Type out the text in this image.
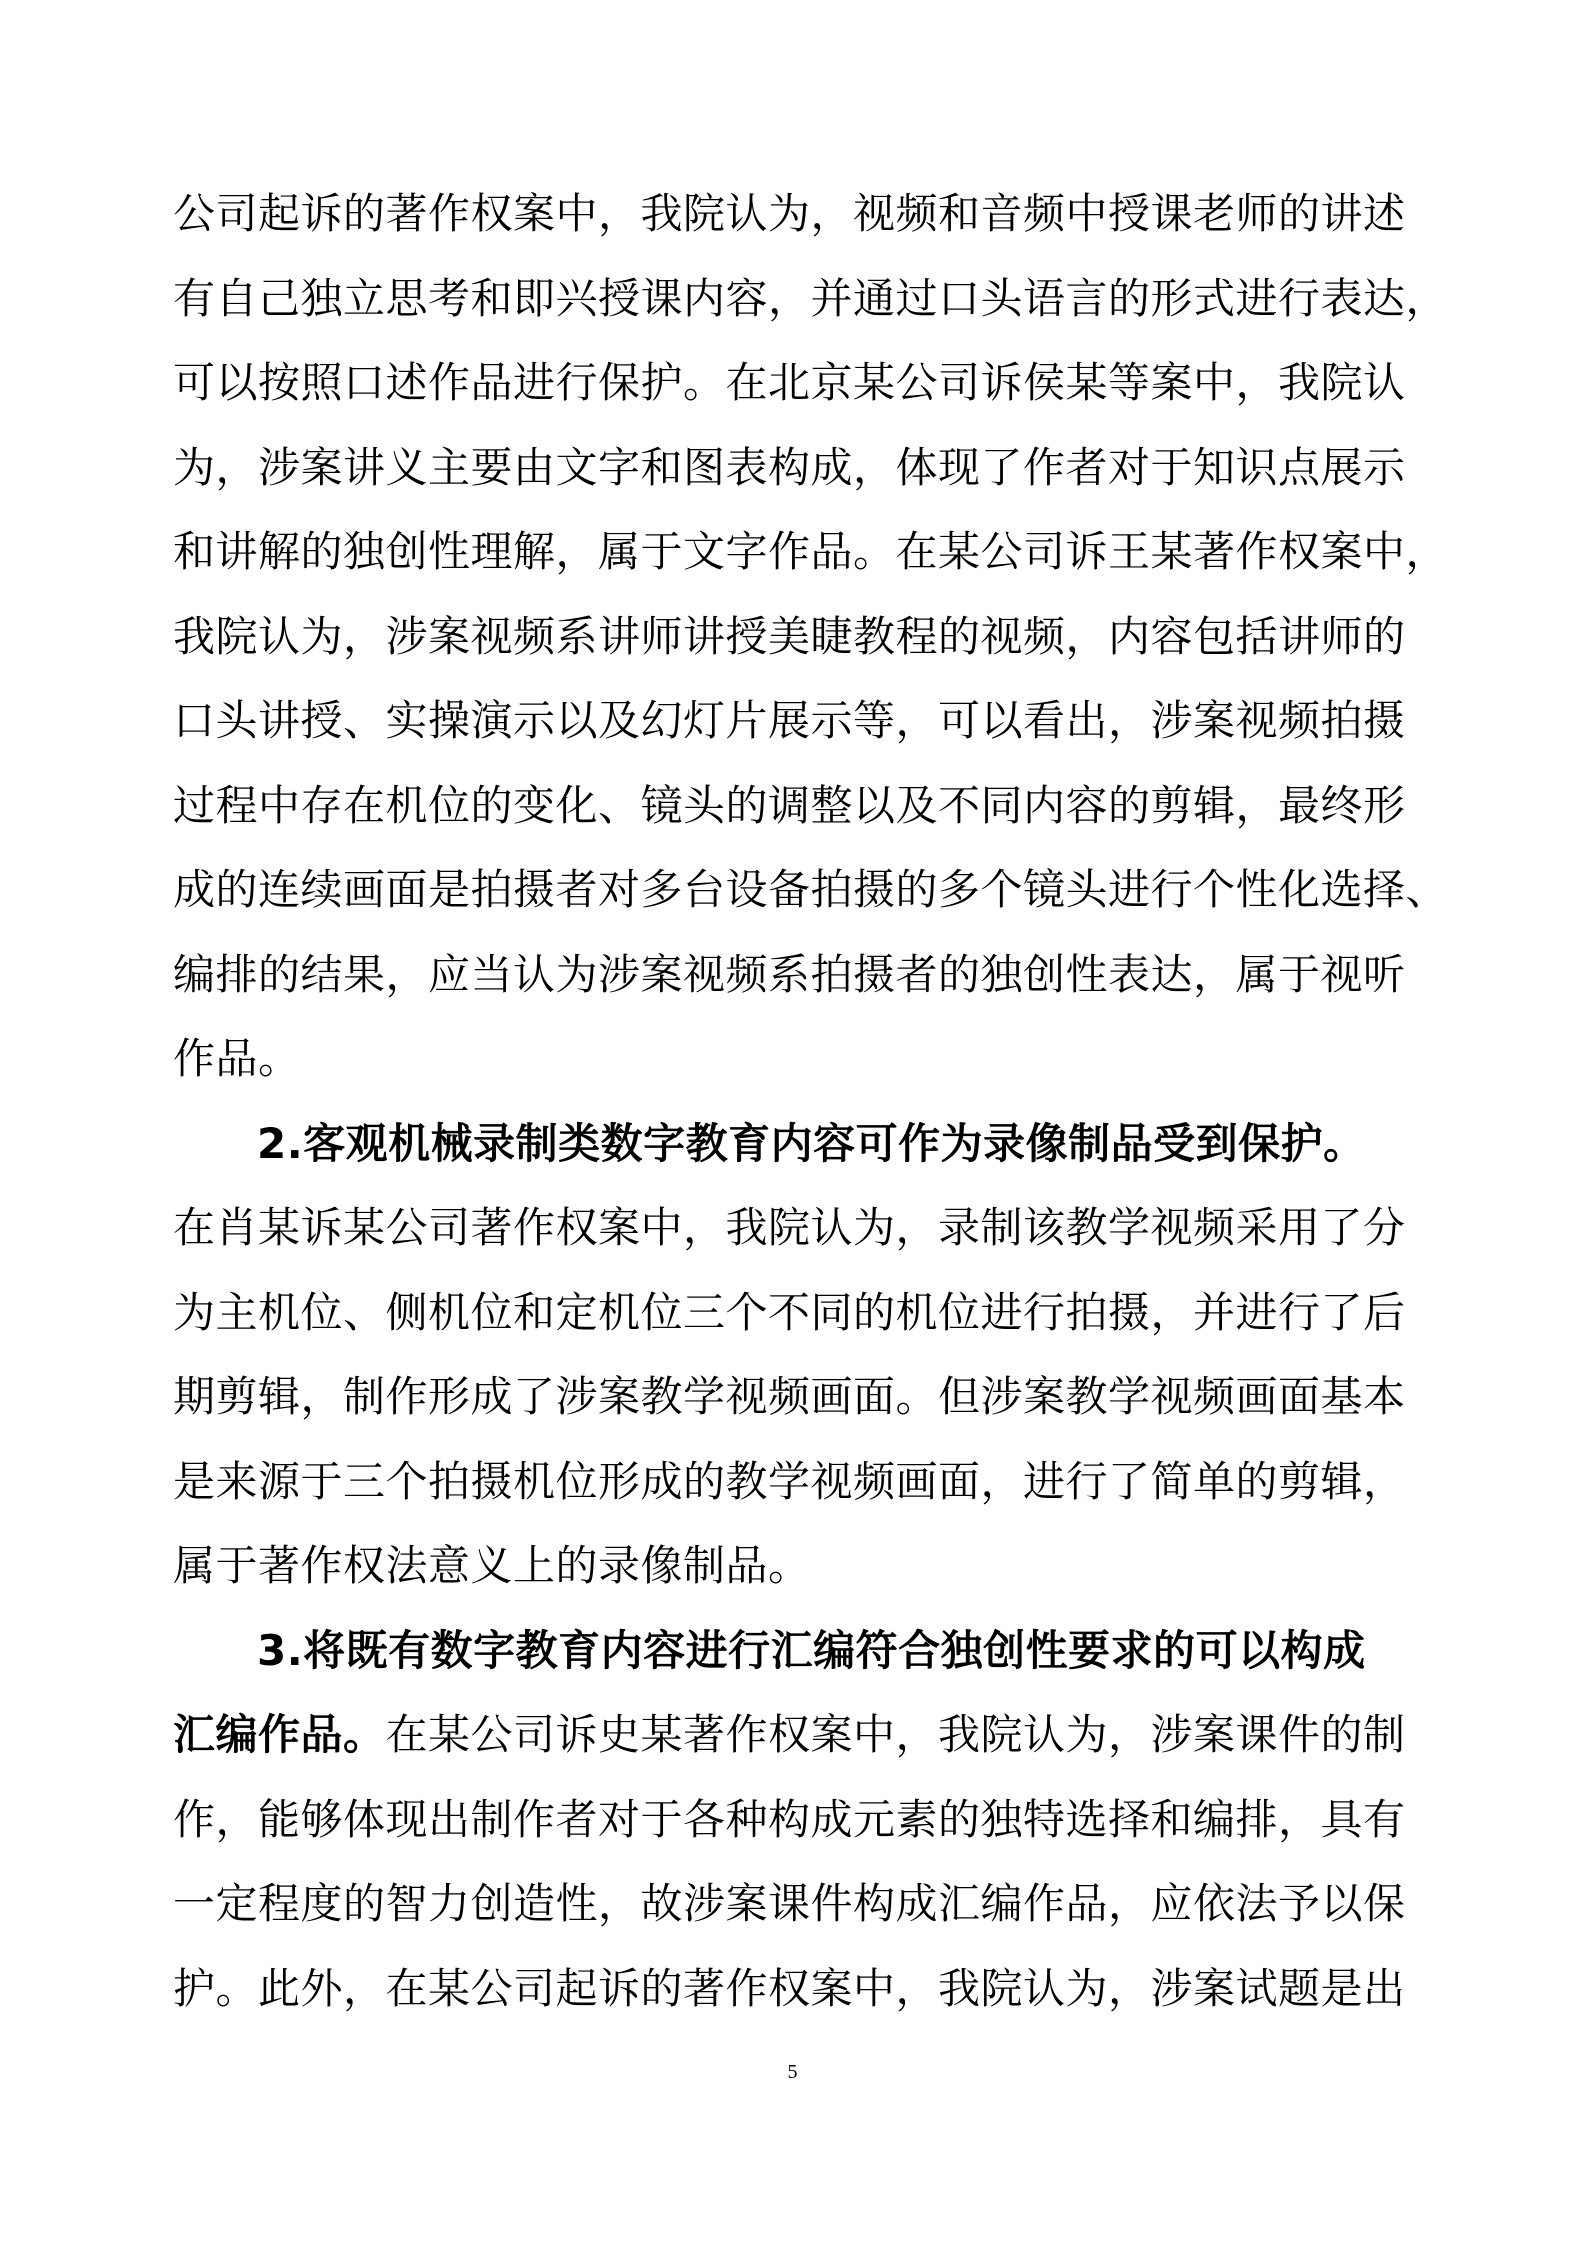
公司起诉的著作权案中，我院认为，视频和音频中授课老师的讲述
有自己独立思考和即兴授课内容，并通过口头语言的形式进行表达，
可以按照口述作品进行保护。在北京某公司诉侯某等案中，我院认
为，涉案讲义主要由文字和图表构成，体现了作者对于知识点展示
和讲解的独创性理解，属于文字作品。在某公司诉王某著作权案中，
我院认为，涉案视频系讲师讲授美睫教程的视频，内容包括讲师的
口头讲授、实操演示以及幻灯片展示等，可以看出，涉案视频拍摄
过程中存在机位的变化、镜头的调整以及不同内容的剪辑，最终形
成的连续画面是拍摄者对多台设备拍摄的多个镜头进行个性化选择、
编排的结果，应当认为涉案视频系拍摄者的独创性表达，属于视听
作品。
2.客观机械录制类数字教育内容可作为录像制品受到保护。
在肖某诉某公司著作权案中，我院认为，录制该教学视频采用了分
为主机位、侧机位和定机位三个不同的机位进行拍摄，并进行了后
期剪辑，制作形成了涉案教学视频画面。但涉案教学视频画面基本
是来源于三个拍摄机位形成的教学视频画面，进行了简单的剪辑，
属于著作权法意义上的录像制品。
3.将既有数字教育内容进行汇编符合独创性要求的可以构成
汇编作品。在某公司诉史某著作权案中，我院认为，涉案课件的制
作，能够体现出制作者对于各种构成元素的独特选择和编排，具有
一定程度的智力创造性，故涉案课件构成汇编作品，应依法予以保
护。此外，在某公司起诉的著作权案中，我院认为，涉案试题是出
5
